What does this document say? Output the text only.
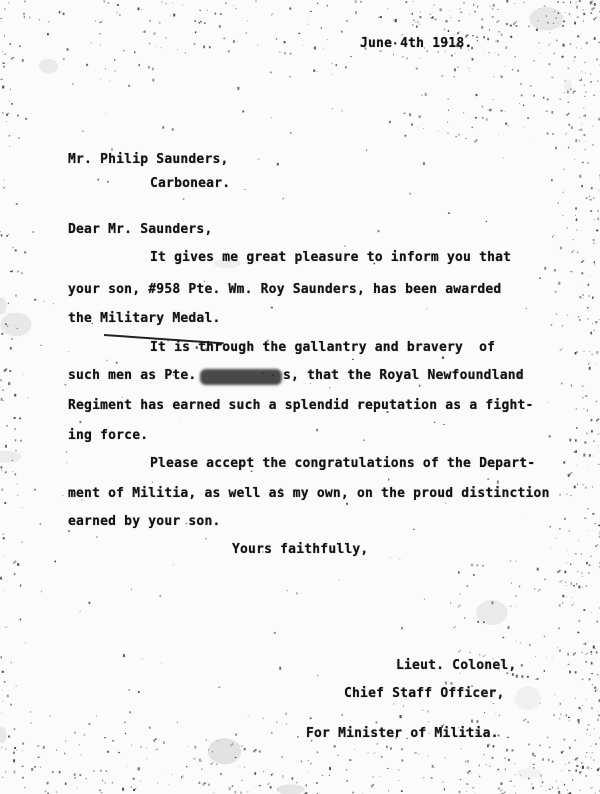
June 4th 1918.
Mr. Philip Saunders,
Carbonear.
Dear Mr. Saunders,
It gives me great pleasure to inform you that
your son, #958 Pte. Wm. Roy Saunders, has been awarded
the Military Medal.
It is through the gallantry and bravery  of
such men as Pte.	s, that the Royal Newfoundland
Regiment has earned such a splendid reputation as a fight-
ing force.
Please accept the congratulations of the Depart-
ment of Militia, as well as my own, on the proud distinction
earned by your son.
Yours faithfully,
Lieut. Colonel,
Chief Staff Officer,
For Minister of Militia.
